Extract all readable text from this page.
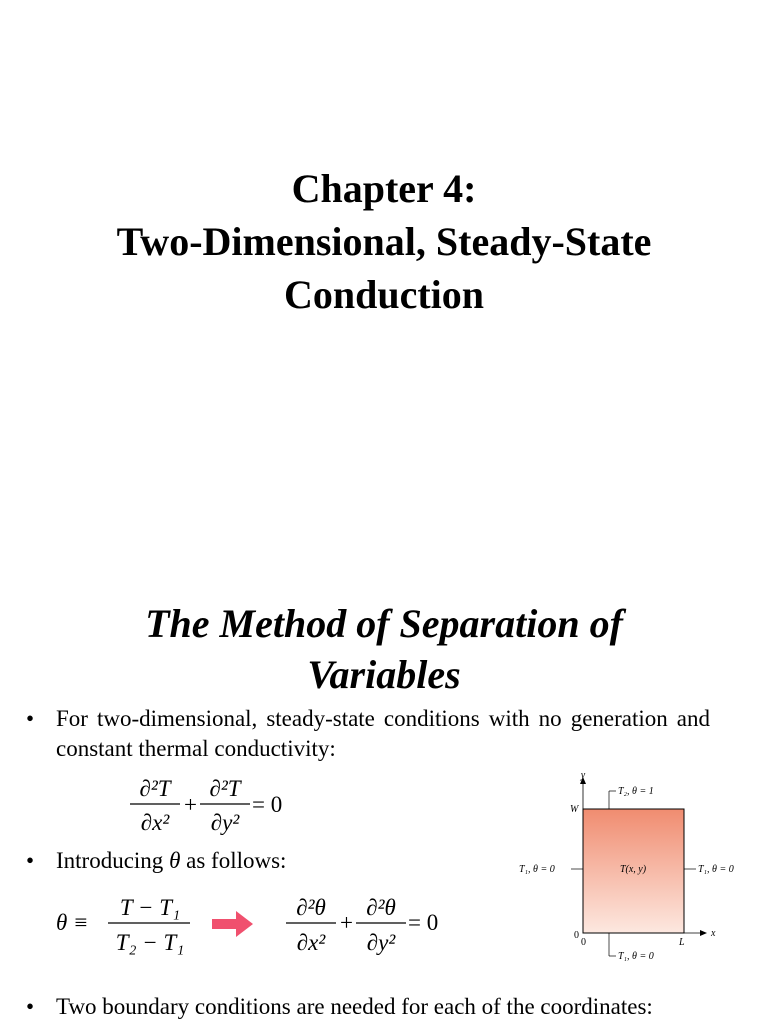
Chapter 4:
Two-Dimensional, Steady-State
Conduction
The Method of Separation of
Variables
• For two-dimensional, steady-state conditions with no generation and constant thermal conductivity:
∂²T
∂x²
+
∂²T
∂y²
= 0
• Introducing θ as follows:
θ ≡
T − T₁
T₂ − T₁
∂²θ
∂x²
+
∂²θ
∂y²
= 0
y
x
W
L
0
0
T₂, θ = 1
T₁, θ = 0	T₁, θ = 0
T₁, θ = 0
T(x, y)
• Two boundary conditions are needed for each of the coordinates:
